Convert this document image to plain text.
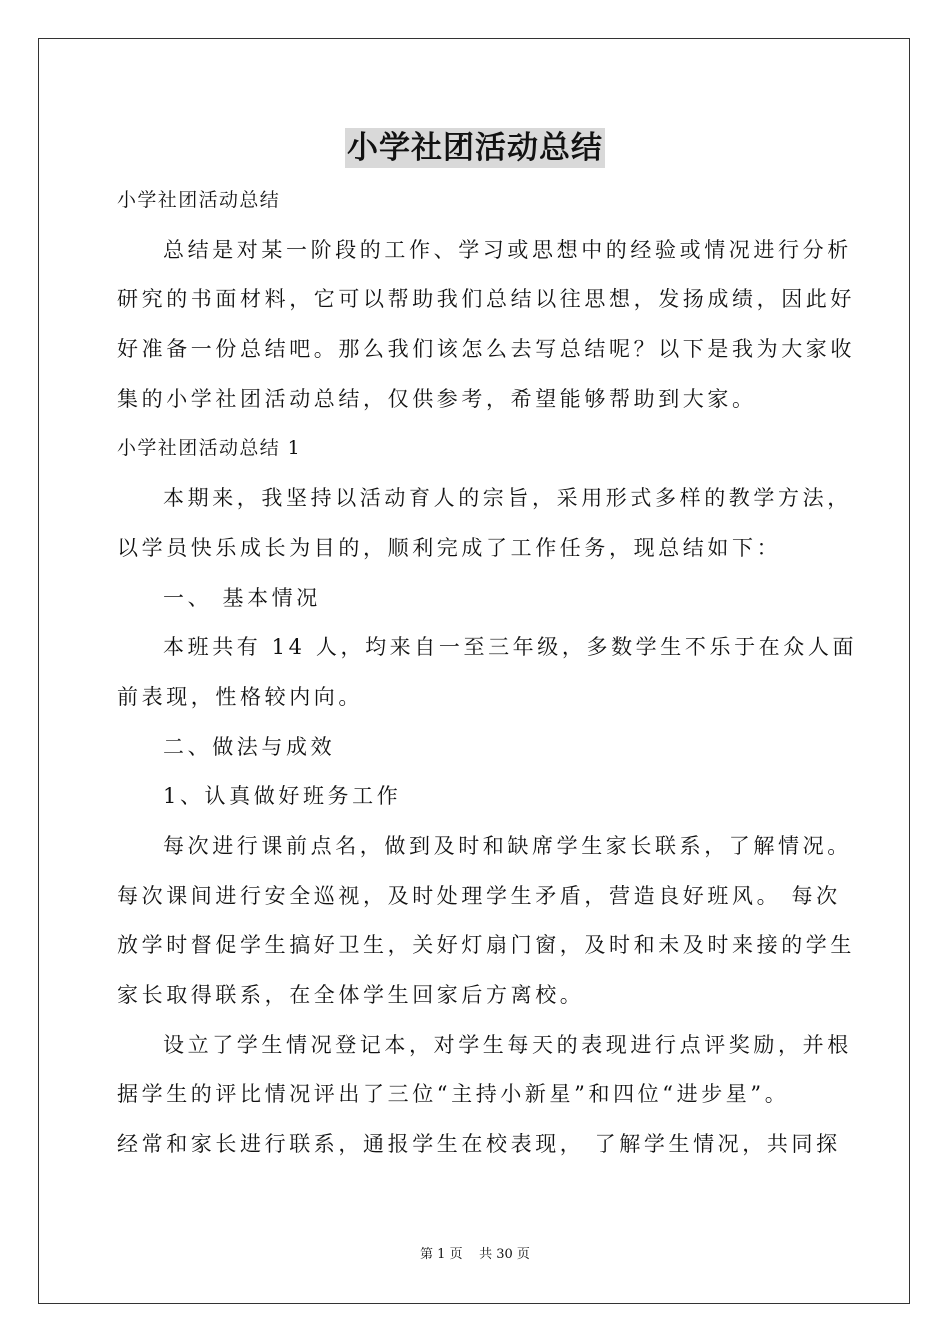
小学社团活动总结
小学社团活动总结
总结是对某一阶段的工作、学习或思想中的经验或情况进行分析
研究的书面材料，它可以帮助我们总结以往思想，发扬成绩，因此好
好准备一份总结吧。那么我们该怎么去写总结呢？以下是我为大家收
集的小学社团活动总结，仅供参考，希望能够帮助到大家。
小学社团活动总结 1
本期来，我坚持以活动育人的宗旨，采用形式多样的教学方法，
以学员快乐成长为目的，顺利完成了工作任务，现总结如下：
一、 基本情况
本班共有 14 人，均来自一至三年级，多数学生不乐于在众人面
前表现，性格较内向。
二、做法与成效
1、认真做好班务工作
每次进行课前点名，做到及时和缺席学生家长联系，了解情况。
每次课间进行安全巡视，及时处理学生矛盾，营造良好班风。 每次
放学时督促学生搞好卫生，关好灯扇门窗，及时和未及时来接的学生
家长取得联系，在全体学生回家后方离校。
设立了学生情况登记本，对学生每天的表现进行点评奖励，并根
据学生的评比情况评出了三位“主持小新星”和四位“进步星”。
经常和家长进行联系，通报学生在校表现， 了解学生情况，共同探
第 1 页 共 30 页
